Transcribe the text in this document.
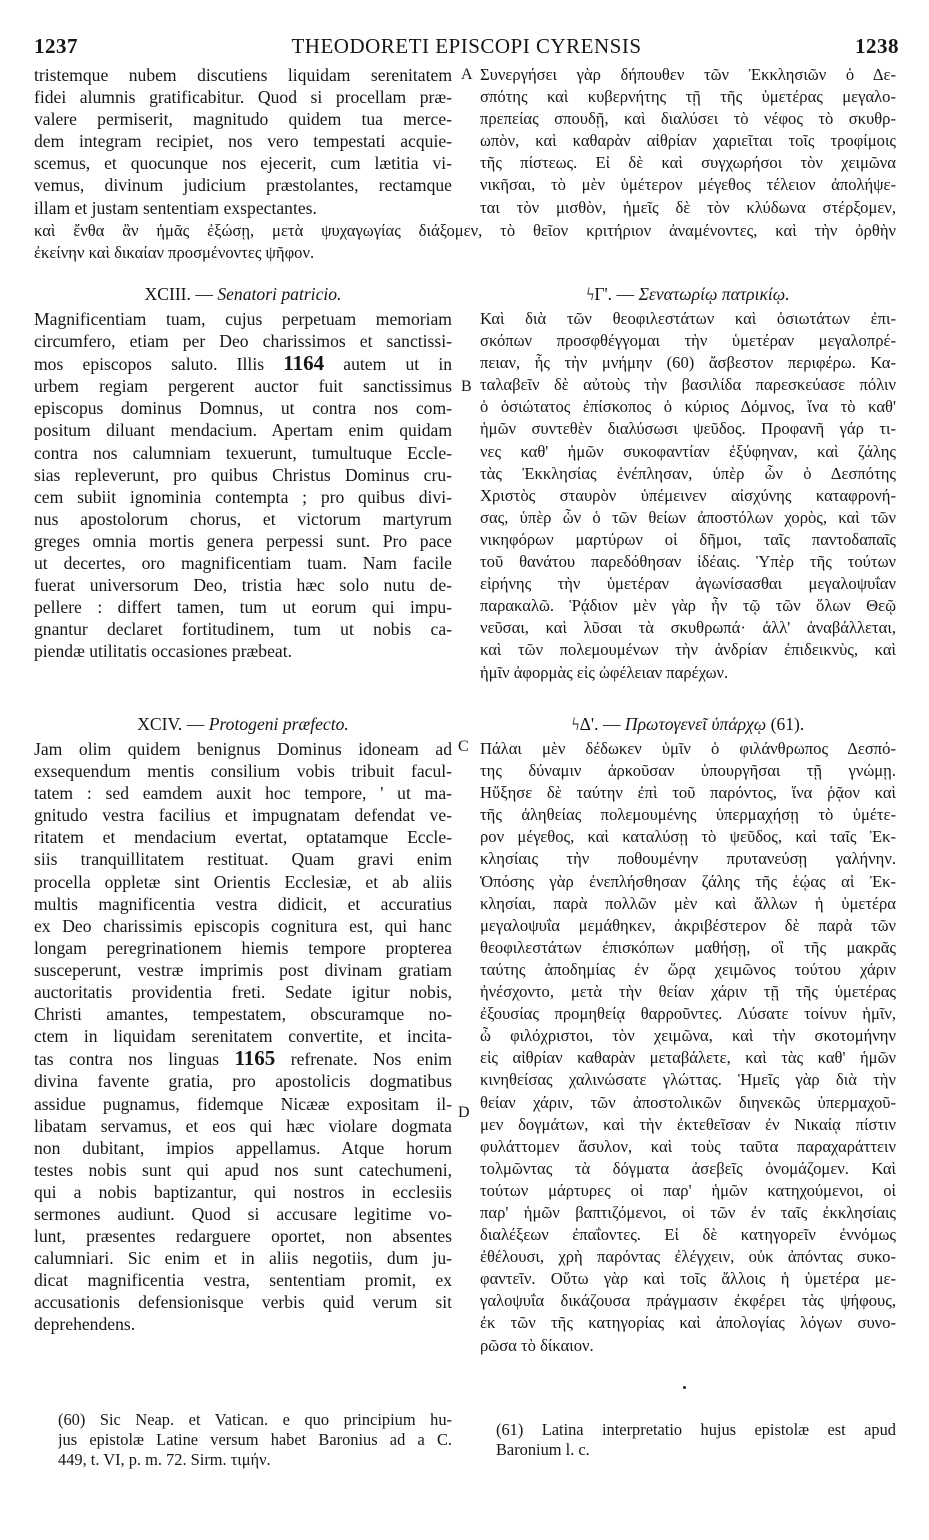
1237	THEODORETI EPISCOPI CYRENSIS	1238
tristemque nubem discutiens liquidam serenitatem
fidei alumnis gratificabitur. Quod si procellam præ-
valere permiserit, magnitudo quidem tua merce-
dem integram recipiet, nos vero tempestati acquie-
scemus, et quocunque nos ejecerit, cum lætitia vi-
vemus, divinum judicium præstolantes, rectamque
illam et justam sententiam exspectantes.
A Συνεργήσει γὰρ δήπουθεν τῶν Ἐκκλησιῶν ὁ Δε-
σπότης καὶ κυβερνήτης τῇ τῆς ὑμετέρας μεγαλο-
πρεπείας σπουδῇ, καὶ διαλύσει τὸ νέφος τὸ σκυθρ-
ωπὸν, καὶ καθαρὰν αἰθρίαν χαριεῖται τοῖς τροφίμοις
τῆς πίστεως. Εἰ δὲ καὶ συγχωρήσοι τὸν χειμῶνα
νικῆσαι, τὸ μὲν ὑμέτερον μέγεθος τέλειον ἀπολήψε-
ται τὸν μισθὸν, ἡμεῖς δὲ τὸν κλύδωνα στέρξομεν,
καὶ ἔνθα ἂν ἡμᾶς ἐξώσῃ, μετὰ ψυχαγωγίας διάξομεν, τὸ θεῖον κριτήριον ἀναμένοντες, καὶ τὴν ὀρθὴν
ἐκείνην καὶ δικαίαν προσμένοντες ψῆφον.
XCIII. — Senatori patricio.	ϟΓ'. — Σενατωρίῳ πατρικίῳ.
Magnificentiam tuam, cujus perpetuam memoriam
circumfero, etiam per Deo charissimos et sanctissi-
mos episcopos saluto. Illis 1164 autem ut in
urbem regiam pergerent auctor fuit sanctissimus
episcopus dominus Domnus, ut contra nos com-
positum diluant mendacium. Apertam enim quidam
contra nos calumniam texuerunt, tumultuque Eccle-
sias repleverunt, pro quibus Christus Dominus cru-
cem subiit ignominia contempta ; pro quibus divi-
nus apostolorum chorus, et victorum martyrum
greges omnia mortis genera perpessi sunt. Pro pace
ut decertes, oro magnificentiam tuam. Nam facile
fuerat universorum Deo, tristia hæc solo nutu de-
pellere : differt tamen, tum ut eorum qui impu-
gnantur declaret fortitudinem, tum ut nobis ca-
piendæ utilitatis occasiones præbeat.
B
Καὶ διὰ τῶν θεοφιλεστάτων καὶ ὁσιωτάτων ἐπι-
σκόπων προσφθέγγομαι τὴν ὑμετέραν μεγαλοπρέ-
πειαν, ἧς τὴν μνήμην (60) ἄσβεστον περιφέρω. Κα-
ταλαβεῖν δὲ αὐτοὺς τὴν βασιλίδα παρεσκεύασε πόλιν
ὁ ὁσιώτατος ἐπίσκοπος ὁ κύριος Δόμνος, ἵνα τὸ καθ'
ἡμῶν συντεθὲν διαλύσωσι ψεῦδος. Προφανῆ γάρ τι-
νες καθ' ἡμῶν συκοφαντίαν ἐξύφηναν, καὶ ζάλης
τὰς Ἐκκλησίας ἐνέπλησαν, ὑπὲρ ὧν ὁ Δεσπότης
Χριστὸς σταυρὸν ὑπέμεινεν αἰσχύνης καταφρονή-
σας, ὑπὲρ ὧν ὁ τῶν θείων ἀποστόλων χορὸς, καὶ τῶν
νικηφόρων μαρτύρων οἱ δῆμοι, ταῖς παντοδαπαῖς
τοῦ θανάτου παρεδόθησαν ἰδέαις. Ὑπὲρ τῆς τούτων
εἰρήνης τὴν ὑμετέραν ἀγωνίσασθαι μεγαλοψυΐαν
παρακαλῶ. Ῥᾴδιον μὲν γὰρ ἦν τῷ τῶν ὅλων Θεῷ
νεῦσαι, καὶ λῦσαι τὰ σκυθρωπά· ἀλλ' ἀναβάλλεται,
καὶ τῶν πολεμουμένων τὴν ἀνδρίαν ἐπιδεικνὺς, καὶ
ἡμῖν ἀφορμὰς εἰς ὠφέλειαν παρέχων.
XCIV. — Protogeni præfecto.	ϟΔ'. — Πρωτογενεῖ ὑπάρχῳ (61).
C
Jam olim quidem benignus Dominus idoneam ad
exsequendum mentis consilium vobis tribuit facul-
tatem : sed eamdem auxit hoc tempore, ' ut ma-
gnitudo vestra facilius et impugnatam defendat ve-
ritatem et mendacium evertat, optatamque Eccle-
siis tranquillitatem restituat. Quam gravi enim
procella oppletæ sint Orientis Ecclesiæ, et ab aliis
multis magnificentia vestra didicit, et accuratius
ex Deo charissimis episcopis cognitura est, qui hanc
longam peregrinationem hiemis tempore propterea
susceperunt, vestræ imprimis post divinam gratiam
auctoritatis providentia freti. Sedate igitur nobis,
Christi amantes, tempestatem, obscuramque no-
ctem in liquidam serenitatem convertite, et incita-
tas contra nos linguas 1165 refrenate. Nos enim
divina favente gratia, pro apostolicis dogmatibus
assidue pugnamus, fidemque Nicææ expositam il-
libatam servamus, et eos qui hæc violare dogmata
non dubitant, impios appellamus. Atque horum
testes nobis sunt qui apud nos sunt catechumeni,
qui a nobis baptizantur, qui nostros in ecclesiis
sermones audiunt. Quod si accusare legitime vo-
lunt, præsentes redarguere oportet, non absentes
calumniari. Sic enim et in aliis negotiis, dum ju-
dicat magnificentia vestra, sententiam promit, ex
accusationis defensionisque verbis quid verum sit
deprehendens.
D
Πάλαι μὲν δέδωκεν ὑμῖν ὁ φιλάνθρωπος Δεσπό-
της δύναμιν ἀρκοῦσαν ὑπουργῆσαι τῇ γνώμῃ.
Ηὔξησε δὲ ταύτην ἐπὶ τοῦ παρόντος, ἵνα ῥᾷον καὶ
τῆς ἀληθείας πολεμουμένης ὑπερμαχήσῃ τὸ ὑμέτε-
ρον μέγεθος, καὶ καταλύσῃ τὸ ψεῦδος, καὶ ταῖς Ἐκ-
κλησίαις τὴν ποθουμένην πρυτανεύσῃ γαλήνην.
Ὁπόσης γὰρ ἐνεπλήσθησαν ζάλης τῆς ἑῴας αἱ Ἐκ-
κλησίαι, παρὰ πολλῶν μὲν καὶ ἄλλων ἡ ὑμετέρα
μεγαλοψυΐα μεμάθηκεν, ἀκριβέστερον δὲ παρὰ τῶν
θεοφιλεστάτων ἐπισκόπων μαθήσῃ, οἳ τῆς μακρᾶς
ταύτης ἀποδημίας ἐν ὥρᾳ χειμῶνος τούτου χάριν
ἠνέσχοντο, μετὰ τὴν θείαν χάριν τῇ τῆς ὑμετέρας
ἐξουσίας προμηθείᾳ θαρροῦντες. Λύσατε τοίνυν ἡμῖν,
ὦ φιλόχριστοι, τὸν χειμῶνα, καὶ τὴν σκοτομήνην
εἰς αἰθρίαν καθαρὰν μεταβάλετε, καὶ τὰς καθ' ἡμῶν
κινηθείσας χαλινώσατε γλώττας. Ἡμεῖς γὰρ διὰ τὴν
θείαν χάριν, τῶν ἀποστολικῶν διηνεκῶς ὑπερμαχοῦ-
μεν δογμάτων, καὶ τὴν ἐκτεθεῖσαν ἐν Νικαίᾳ πίστιν
φυλάττομεν ἄσυλον, καὶ τοὺς ταῦτα παραχαράττειν
τολμῶντας τὰ δόγματα ἀσεβεῖς ὀνομάζομεν. Καὶ
τούτων μάρτυρες οἱ παρ' ἡμῶν κατηχούμενοι, οἱ
παρ' ἡμῶν βαπτιζόμενοι, οἱ τῶν ἐν ταῖς ἐκκλησίαις
διαλέξεων ἐπαΐοντες. Εἰ δὲ κατηγορεῖν ἐννόμως
ἐθέλουσι, χρὴ παρόντας ἐλέγχειν, οὐκ ἀπόντας συκο-
φαντεῖν. Οὕτω γὰρ καὶ τοῖς ἄλλοις ἡ ὑμετέρα με-
γαλοψυΐα δικάζουσα πράγμασιν ἐκφέρει τὰς ψήφους,
ἐκ τῶν τῆς κατηγορίας καὶ ἀπολογίας λόγων συνο-
ρῶσα τὸ δίκαιον.
(60) Sic Neap. et Vatican. e quo principium hu-
jus epistolæ Latine versum habet Baronius ad a C.
449, t. VI, p. m. 72. Sirm. τιμήν.
(61) Latina interpretatio hujus epistolæ est apud
Baronium l. c.
